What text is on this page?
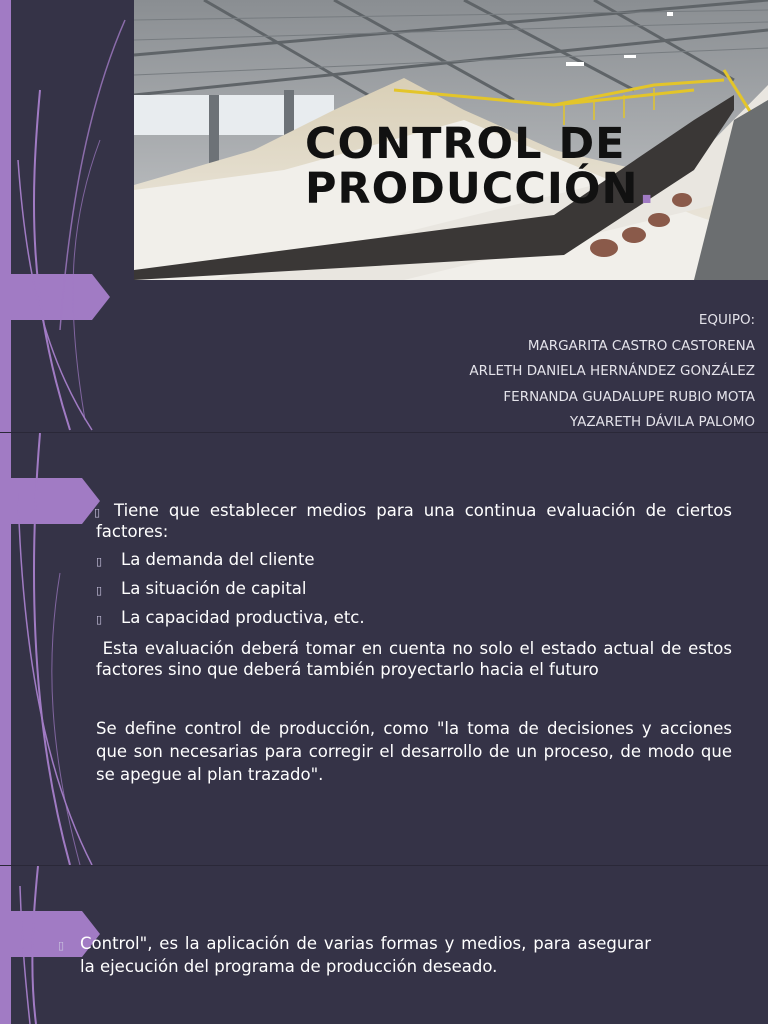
CONTROL DE
PRODUCCIÓN.
EQUIPO:
MARGARITA CASTRO CASTORENA
ARLETH DANIELA HERNÁNDEZ GONZÁLEZ
FERNANDA GUADALUPE RUBIO MOTA
YAZARETH DÁVILA PALOMO

▯ Tiene que establecer medios para una continua evaluación de ciertos factores:

▯ La demanda del cliente

▯ La situación de capital

▯ La capacidad productiva, etc.

Esta evaluación deberá tomar en cuenta no solo el estado actual de estos factores sino que deberá también proyectarlo hacia el futuro
Se define control de producción, como "la toma de decisiones y acciones que son necesarias para corregir el desarrollo de un proceso, de modo que se apegue al plan trazado".
▯ Control", es la aplicación de varias formas y medios, para asegurar la ejecución del programa de producción deseado.
